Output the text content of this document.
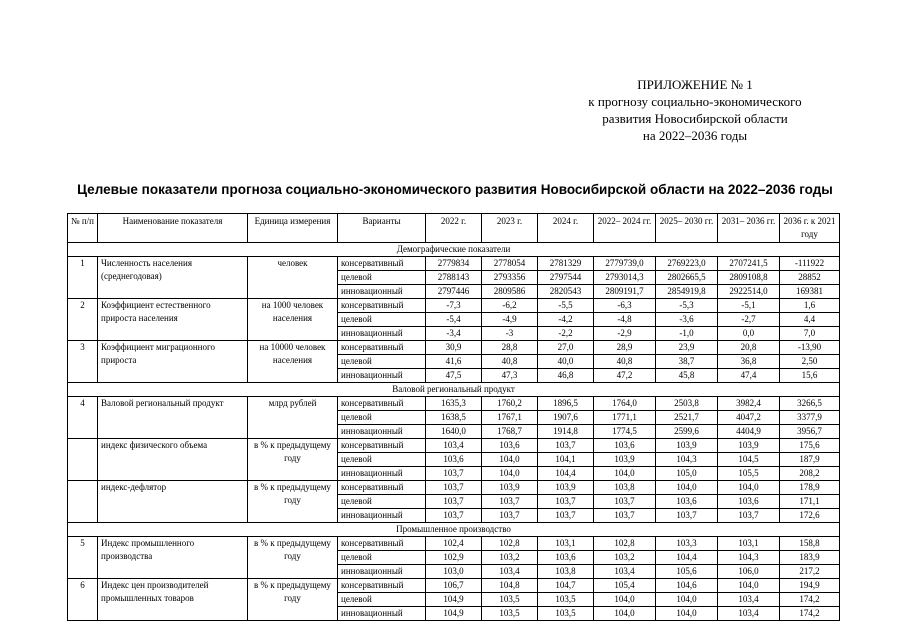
ПРИЛОЖЕНИЕ № 1
к прогнозу социально-экономического
развития Новосибирской области
на 2022–2036 годы
Целевые показатели прогноза социально-экономического развития Новосибирской области на 2022–2036 годы
№ п/п	Наименование показателя	Единица измерения	Варианты	2022 г.	2023 г.	2024 г.	2022– 2024 гг.	2025– 2030 гг.	2031– 2036 гг.	2036 г. к 2021 году
Демографические показатели										
1	Численность населения (среднегодовая)	человек	консервативный	2779834	2778054	2781329	2779739,0	2769223,0	2707241,5	-111922
			целевой	2788143	2793356	2797544	2793014,3	2802665,5	2809108,8	28852
			инновационный	2797446	2809586	2820543	2809191,7	2854919,8	2922514,0	169381
2	Коэффициент естественного прироста населения	на 1000 человек населения	консервативный	-7,3	-6,2	-5,5	-6,3	-5,3	-5,1	1,6
			целевой	-5,4	-4,9	-4,2	-4,8	-3,6	-2,7	4,4
			инновационный	-3,4	-3	-2,2	-2,9	-1,0	0,0	7,0
3	Коэффициент миграционного прироста	на 10000 человек населения	консервативный	30,9	28,8	27,0	28,9	23,9	20,8	-13,90
			целевой	41,6	40,8	40,0	40,8	38,7	36,8	2,50
			инновационный	47,5	47,3	46,8	47,2	45,8	47,4	15,6
Валовой региональный продукт										
4	Валовой региональный продукт	млрд рублей	консервативный	1635,3	1760,2	1896,5	1764,0	2503,8	3982,4	3266,5
			целевой	1638,5	1767,1	1907,6	1771,1	2521,7	4047,2	3377,9
			инновационный	1640,0	1768,7	1914,8	1774,5	2599,6	4404,9	3956,7
	индекс физического объема	в % к предыдущему году	консервативный	103,4	103,6	103,7	103,6	103,9	103,9	175,6
			целевой	103,6	104,0	104,1	103,9	104,3	104,5	187,9
			инновационный	103,7	104,0	104,4	104,0	105,0	105,5	208,2
	индекс-дефлятор	в % к предыдущему году	консервативный	103,7	103,9	103,9	103,8	104,0	104,0	178,9
			целевой	103,7	103,7	103,7	103,7	103,6	103,6	171,1
			инновационный	103,7	103,7	103,7	103,7	103,7	103,7	172,6
Промышленное производство										
5	Индекс промышленного производства	в % к предыдущему году	консервативный	102,4	102,8	103,1	102,8	103,3	103,1	158,8
			целевой	102,9	103,2	103,6	103,2	104,4	104,3	183,9
			инновационный	103,0	103,4	103,8	103,4	105,6	106,0	217,2
6	Индекс цен производителей промышленных товаров	в % к предыдущему году	консервативный	106,7	104,8	104,7	105,4	104,6	104,0	194,9
			целевой	104,9	103,5	103,5	104,0	104,0	103,4	174,2
			инновационный	104,9	103,5	103,5	104,0	104,0	103,4	174,2
